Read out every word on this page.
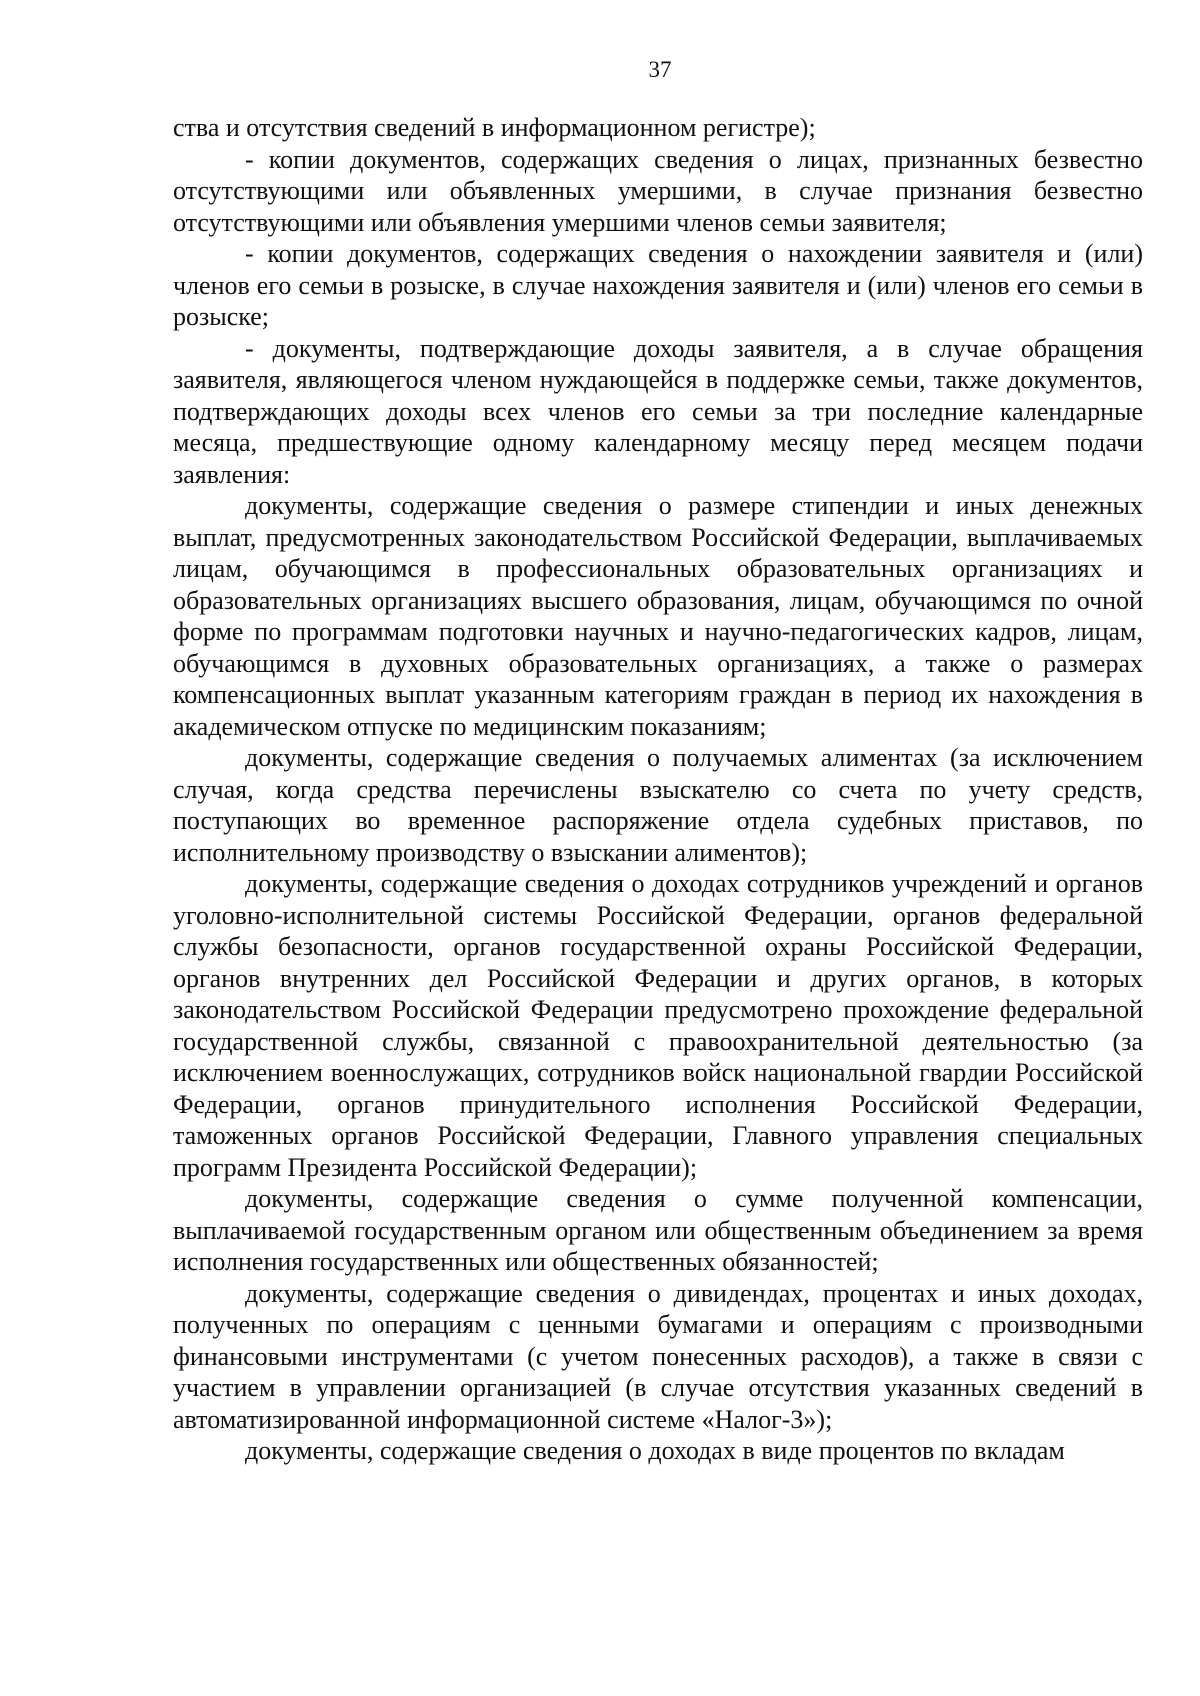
37

ства и отсутствия сведений в информационном регистре);

- копии документов, содержащих сведения о лицах, признанных безвестно отсутствующими или объявленных умершими, в случае признания безвестно отсутствующими или объявления умершими членов семьи заявителя;

- копии документов, содержащих сведения о нахождении заявителя и (или) членов его семьи в розыске, в случае нахождения заявителя и (или) членов его семьи в розыске;

- документы, подтверждающие доходы заявителя, а в случае обращения заявителя, являющегося членом нуждающейся в поддержке семьи, также документов, подтверждающих доходы всех членов его семьи за три последние календарные месяца, предшествующие одному календарному месяцу перед месяцем подачи заявления:

документы, содержащие сведения о размере стипендии и иных денежных выплат, предусмотренных законодательством Российской Федерации, выплачиваемых лицам, обучающимся в профессиональных образовательных организациях и образовательных организациях высшего образования, лицам, обучающимся по очной форме по программам подготовки научных и научно-педагогических кадров, лицам, обучающимся в духовных образовательных организациях, а также о размерах компенсационных выплат указанным категориям граждан в период их нахождения в академическом отпуске по медицинским показаниям;

документы, содержащие сведения о получаемых алиментах (за исключением случая, когда средства перечислены взыскателю со счета по учету средств, поступающих во временное распоряжение отдела судебных приставов, по исполнительному производству о взыскании алиментов);

документы, содержащие сведения о доходах сотрудников учреждений и органов уголовно-исполнительной системы Российской Федерации, органов федеральной службы безопасности, органов государственной охраны Российской Федерации, органов внутренних дел Российской Федерации и других органов, в которых законодательством Российской Федерации предусмотрено прохождение федеральной государственной службы, связанной с правоохранительной деятельностью (за исключением военнослужащих, сотрудников войск национальной гвардии Российской Федерации, органов принудительного исполнения Российской Федерации, таможенных органов Российской Федерации, Главного управления специальных программ Президента Российской Федерации);

документы, содержащие сведения о сумме полученной компенсации, выплачиваемой государственным органом или общественным объединением за время исполнения государственных или общественных обязанностей;

документы, содержащие сведения о дивидендах, процентах и иных доходах, полученных по операциям с ценными бумагами и операциям с производными финансовыми инструментами (с учетом понесенных расходов), а также в связи с участием в управлении организацией (в случае отсутствия указанных сведений в автоматизированной информационной системе «Налог-3»);

документы, содержащие сведения о доходах в виде процентов по вкладам
